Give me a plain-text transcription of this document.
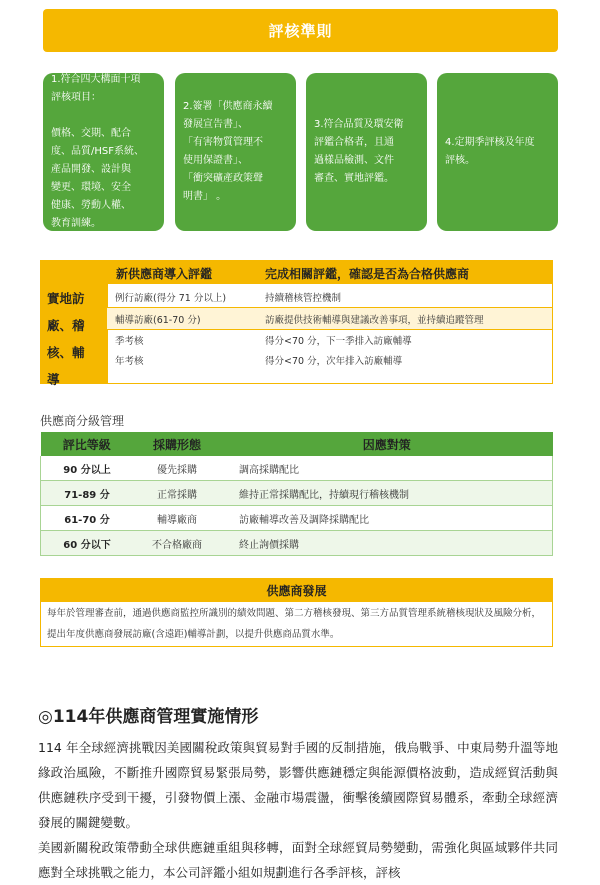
評核準則
1.符合四大構面十項
評核項目：

價格、交期、配合
度、品質/HSF系統、
產品開發、設計與
變更、環境、安全
健康、勞動人權、
教育訓練。
2.簽署「供應商永續
發展宣告書」、
「有害物質管理不
使用保證書」、
「衝突礦產政策聲
明書」 。
3.符合品質及環安衛
評鑑合格者，且通
過樣品檢測、文件
審查、實地評鑑。
4.定期季評核及年度
評核。
實地訪
廠、稽
核、輔
導
新供應商導入評鑑	完成相關評鑑，確認是否為合格供應商
例行訪廠(得分 71 分以上)	持續稽核管控機制
輔導訪廠(61-70 分)	訪廠提供技術輔導與建議改善事項，並持續追蹤管理
季考核	得分<70 分，下一季排入訪廠輔導
年考核	得分<70 分，次年排入訪廠輔導
供應商分級管理
評比等級	採購形態	因應對策
90 分以上	優先採購	調高採購配比
71-89 分	正常採購	維持正常採購配比，持續現行稽核機制
61-70 分	輔導廠商	訪廠輔導改善及調降採購配比
60 分以下	不合格廠商	終止詢價採購
供應商發展
每年於管理審查前，通過供應商監控所識別的績效問題、第二方稽核發現、第三方品質管理系統稽核現狀及風險分析，提出年度供應商發展訪廠(含遠距)輔導計劃，以提升供應商品質水準。
◎114年供應商管理實施情形

114 年全球經濟挑戰因美國關稅政策與貿易對手國的反制措施，俄烏戰爭、中東局勢升溫等地緣政治風險，不斷推升國際貿易緊張局勢，影響供應鏈穩定與能源價格波動，造成經貿活動與供應鏈秩序受到干擾，引發物價上漲、金融市場震盪，衝擊後續國際貿易體系，牽動全球經濟發展的關鍵變數。

美國新關稅政策帶動全球供應鏈重組與移轉，面對全球經貿局勢變動，需強化與區域夥伴共同應對全球挑戰之能力，本公司評鑑小組如規劃進行各季評核，評核
